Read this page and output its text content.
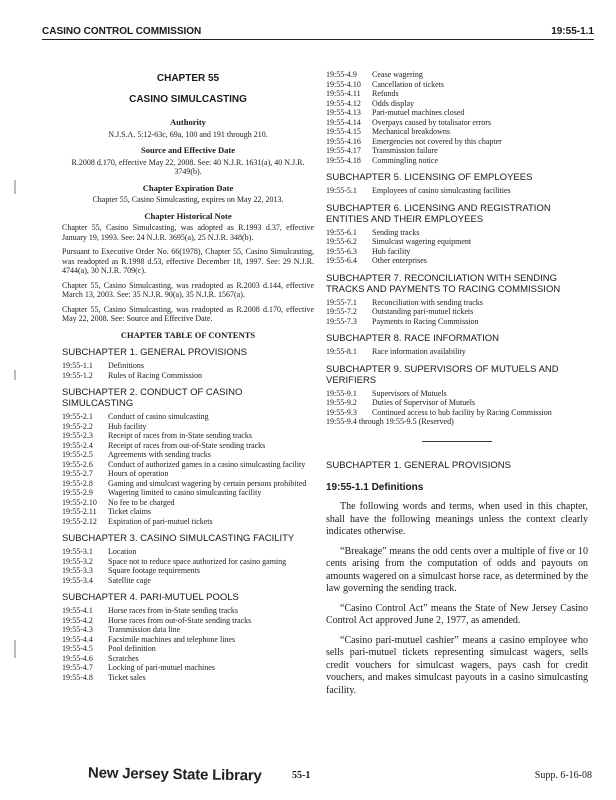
CASINO CONTROL COMMISSION	19:55-1.1
CHAPTER 55
CASINO SIMULCASTING
Authority
N.J.S.A. 5:12-63c, 69a, 100 and 191 through 210.
Source and Effective Date
R.2008 d.170, effective May 22, 2008. See: 40 N.J.R. 1631(a), 40 N.J.R. 3749(b).
Chapter Expiration Date
Chapter 55, Casino Simulcasting, expires on May 22, 2013.
Chapter Historical Note
Chapter 55, Casino Simulcasting, was adopted as R.1993 d.37, effective January 19, 1993. See: 24 N.J.R. 3695(a), 25 N.J.R. 348(b).
Pursuant to Executive Order No. 66(1978), Chapter 55, Casino Simulcasting, was readopted as R.1998 d.53, effective December 18, 1997. See: 29 N.J.R. 4744(a), 30 N.J.R. 709(c).
Chapter 55, Casino Simulcasting, was readopted as R.2003 d.144, effective March 13, 2003. See: 35 N.J.R. 90(a), 35 N.J.R. 1567(a).
Chapter 55, Casino Simulcasting, was readopted as R.2008 d.170, effective May 22, 2008. See: Source and Effective Date.
CHAPTER TABLE OF CONTENTS
SUBCHAPTER 1. GENERAL PROVISIONS
19:55-1.1	Definitions
19:55-1.2	Rules of Racing Commission
SUBCHAPTER 2. CONDUCT OF CASINO SIMULCASTING
19:55-2.1	Conduct of casino simulcasting
19:55-2.2	Hub facility
19:55-2.3	Receipt of races from in-State sending tracks
19:55-2.4	Receipt of races from out-of-State sending tracks
19:55-2.5	Agreements with sending tracks
19:55-2.6	Conduct of authorized games in a casino simulcasting facility
19:55-2.7	Hours of operation
19:55-2.8	Gaming and simulcast wagering by certain persons prohibited
19:55-2.9	Wagering limited to casino simulcasting facility
19:55-2.10	No fee to be charged
19:55-2.11	Ticket claims
19:55-2.12	Expiration of pari-mutuel tickets
SUBCHAPTER 3. CASINO SIMULCASTING FACILITY
19:55-3.1	Location
19:55-3.2	Space not to reduce space authorized for casino gaming
19:55-3.3	Square footage requirements
19:55-3.4	Satellite cage
SUBCHAPTER 4. PARI-MUTUEL POOLS
19:55-4.1	Horse races from in-State sending tracks
19:55-4.2	Horse races from out-of-State sending tracks
19:55-4.3	Transmission data line
19:55-4.4	Facsimile machines and telephone lines
19:55-4.5	Pool definition
19:55-4.6	Scratches
19:55-4.7	Locking of pari-mutuel machines
19:55-4.8	Ticket sales
19:55-4.9	Cease wagering
19:55-4.10	Cancellation of tickets
19:55-4.11	Refunds
19:55-4.12	Odds display
19:55-4.13	Pari-mutuel machines closed
19:55-4.14	Overpays caused by totalisator errors
19:55-4.15	Mechanical breakdowns
19:55-4.16	Emergencies not covered by this chapter
19:55-4.17	Transmission failure
19:55-4.18	Commingling notice
SUBCHAPTER 5. LICENSING OF EMPLOYEES
19:55-5.1	Employees of casino simulcasting facilities
SUBCHAPTER 6. LICENSING AND REGISTRATION ENTITIES AND THEIR EMPLOYEES
19:55-6.1	Sending tracks
19:55-6.2	Simulcast wagering equipment
19:55-6.3	Hub facility
19:55-6.4	Other enterprises
SUBCHAPTER 7. RECONCILIATION WITH SENDING TRACKS AND PAYMENTS TO RACING COMMISSION
19:55-7.1	Reconciliation with sending tracks
19:55-7.2	Outstanding pari-mutuel tickets
19:55-7.3	Payments to Racing Commission
SUBCHAPTER 8. RACE INFORMATION
19:55-8.1	Race information availability
SUBCHAPTER 9. SUPERVISORS OF MUTUELS AND VERIFIERS
19:55-9.1	Supervisors of Mutuels
19:55-9.2	Duties of Supervisor of Mutuels
19:55-9.3	Continued access to hub facility by Racing Commission
19:55-9.4 through 19:55-9.5 (Reserved)
SUBCHAPTER 1. GENERAL PROVISIONS
19:55-1.1 Definitions
The following words and terms, when used in this chapter, shall have the following meanings unless the context clearly indicates otherwise.
“Breakage” means the odd cents over a multiple of five or 10 cents arising from the computation of odds and payouts on amounts wagered on a simulcast horse race, as determined by the law governing the sending track.
“Casino Control Act” means the State of New Jersey Casino Control Act approved June 2, 1977, as amended.
“Casino pari-mutuel cashier” means a casino employee who sells pari-mutuel tickets representing simulcast wagers, sells credit vouchers for simulcast wagers, pays cash for credit vouchers, and makes simulcast payouts in a casino simulcasting facility.
New Jersey State Library	55-1	Supp. 6-16-08
